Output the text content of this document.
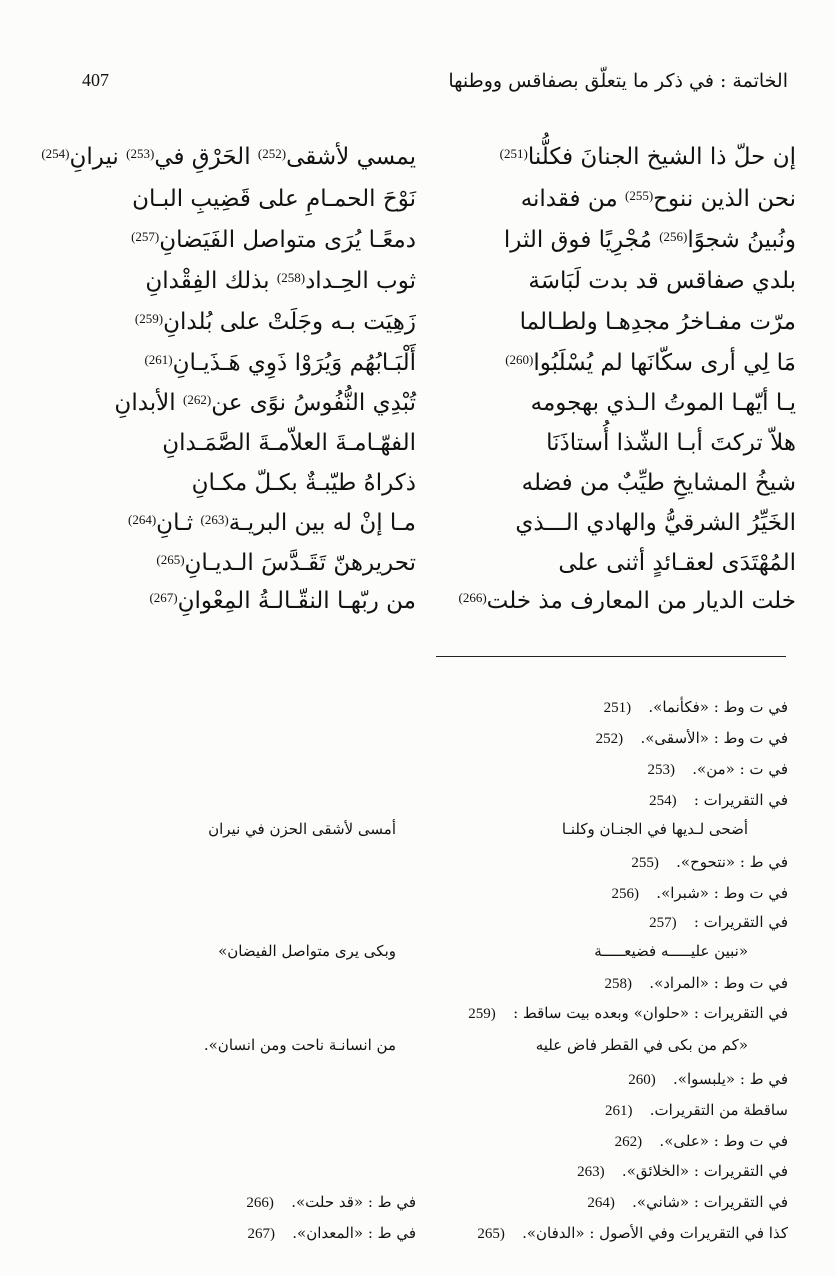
407	الخاتمة : في ذكر ما يتعلّق بصفاقس ووطنها
إن حلّ ذا الشيخ الجنانَ فكلُّنا$^{(251)}$
نحن الذين ننوح$^{(255)}$ من فقدانه
ونُبينُ شجوًا$^{(256)}$ مُجْرِيًا فوق الثرا
بلدي صفاقس قد بدت لَبَاسَة
مرّت مفـاخرُ مجدِهـا ولطـالما
مَا لِي أرى سكّانَها لم يُسْلَبُوا$^{(260)}$
يـا أيّهـا الموتُ الـذي بهجومه
هلاّ تركتَ أبـا الشّذا أُستاذَنَا
شيخُ المشايخِ طيِّبٌ من فضله
الخَيِّرُ الشرقيُّ والهادي الـــذي
المُهْتَدَى لعقـائدٍ أثنى على
خلت الديار من المعارف مذ خلت$^{(266)}$
يمسي لأشقى$^{(252)}$ الحَرْقِ في$^{(253)}$ نيرانِ$^{(254)}$
نَوْحَ الحمـامِ على قَضِيبِ البـان
دمعًـا يُرَى متواصل الفَيَضانِ$^{(257)}$
ثوب الحِـداد$^{(258)}$ بذلك الفِقْدانِ
زَهِيَت بـه وجَلَتْ على بُلدانِ$^{(259)}$
أَلْبَـابُهُم وَيُرَوْا ذَوِي هَـذَيـانِ$^{(261)}$
تُبْدِي النُّفُوسُ نوًى عن$^{(262)}$ الأبدانِ
الفهّـامـةَ العلاّمـةَ الصَّمَـدانِ
ذكراهُ طيّبـةٌ بكـلّ مكـانِ
مـا إنْ له بين البريـة$^{(263)}$ ثـانِ$^{(264)}$
تحريرهنّ تَقَـدَّسَ الـديـانِ$^{(265)}$
من ربّهـا النقّـالـةُ المِعْوانِ$^{(267)}$
في ت وط : «فكأنما». 251)
في ت وط : «الأسقى». 252)
في ت : «من». 253)
في التقريرات : 254)
أضحى لـديها في الجنـان وكلنـا
أمسى لأشقى الحزن في نيران
في ط : «نتحوح». 255)
في ت وط : «شبرا». 256)
في التقريرات : 257)
«نبين عليـــــه فضيعـــــة
وبكى يرى متواصل الفيضان»
في ت وط : «المراد». 258)
في التقريرات : «حلوان» وبعده بيت ساقط : 259)
«كم من بكى في القطر فاض عليه
من انسانـة ناحت ومن انسان».
في ط : «يلبسوا». 260)
ساقطة من التقريرات. 261)
في ت وط : «على». 262)
في التقريرات : «الخلائق». 263)
في التقريرات : «شاني». 264)
كذا في التقريرات وفي الأصول : «الدفان». 265)
في ط : «قد حلت». 266)
في ط : «المعدان». 267)
